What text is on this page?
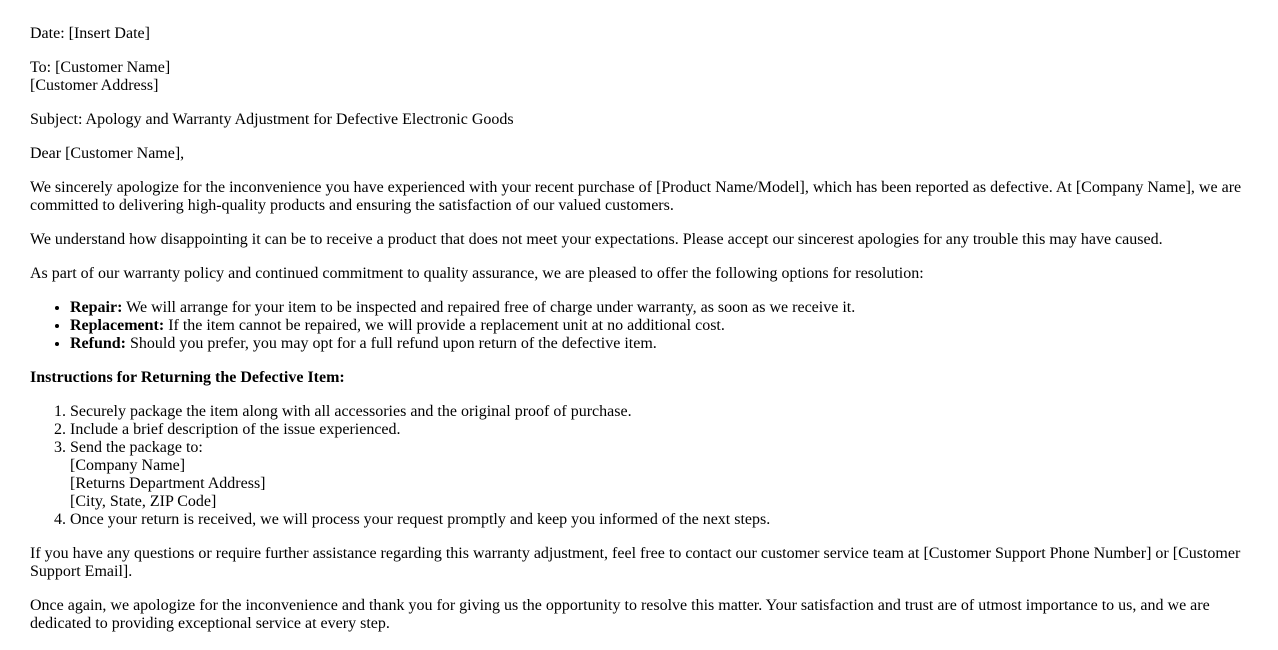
Date: [Insert Date]

To: [Customer Name]
[Customer Address]

Subject: Apology and Warranty Adjustment for Defective Electronic Goods

Dear [Customer Name],

We sincerely apologize for the inconvenience you have experienced with your recent purchase of [Product Name/Model], which has been reported as defective. At [Company Name], we are committed to delivering high-quality products and ensuring the satisfaction of our valued customers.

We understand how disappointing it can be to receive a product that does not meet your expectations. Please accept our sincerest apologies for any trouble this may have caused.

As part of our warranty policy and continued commitment to quality assurance, we are pleased to offer the following options for resolution:

• Repair: We will arrange for your item to be inspected and repaired free of charge under warranty, as soon as we receive it.
• Replacement: If the item cannot be repaired, we will provide a replacement unit at no additional cost.
• Refund: Should you prefer, you may opt for a full refund upon return of the defective item.

Instructions for Returning the Defective Item:

1. Securely package the item along with all accessories and the original proof of purchase.
2. Include a brief description of the issue experienced.
3. Send the package to:
[Company Name]
[Returns Department Address]
[City, State, ZIP Code]
4. Once your return is received, we will process your request promptly and keep you informed of the next steps.

If you have any questions or require further assistance regarding this warranty adjustment, feel free to contact our customer service team at [Customer Support Phone Number] or [Customer Support Email].

Once again, we apologize for the inconvenience and thank you for giving us the opportunity to resolve this matter. Your satisfaction and trust are of utmost importance to us, and we are dedicated to providing exceptional service at every step.
